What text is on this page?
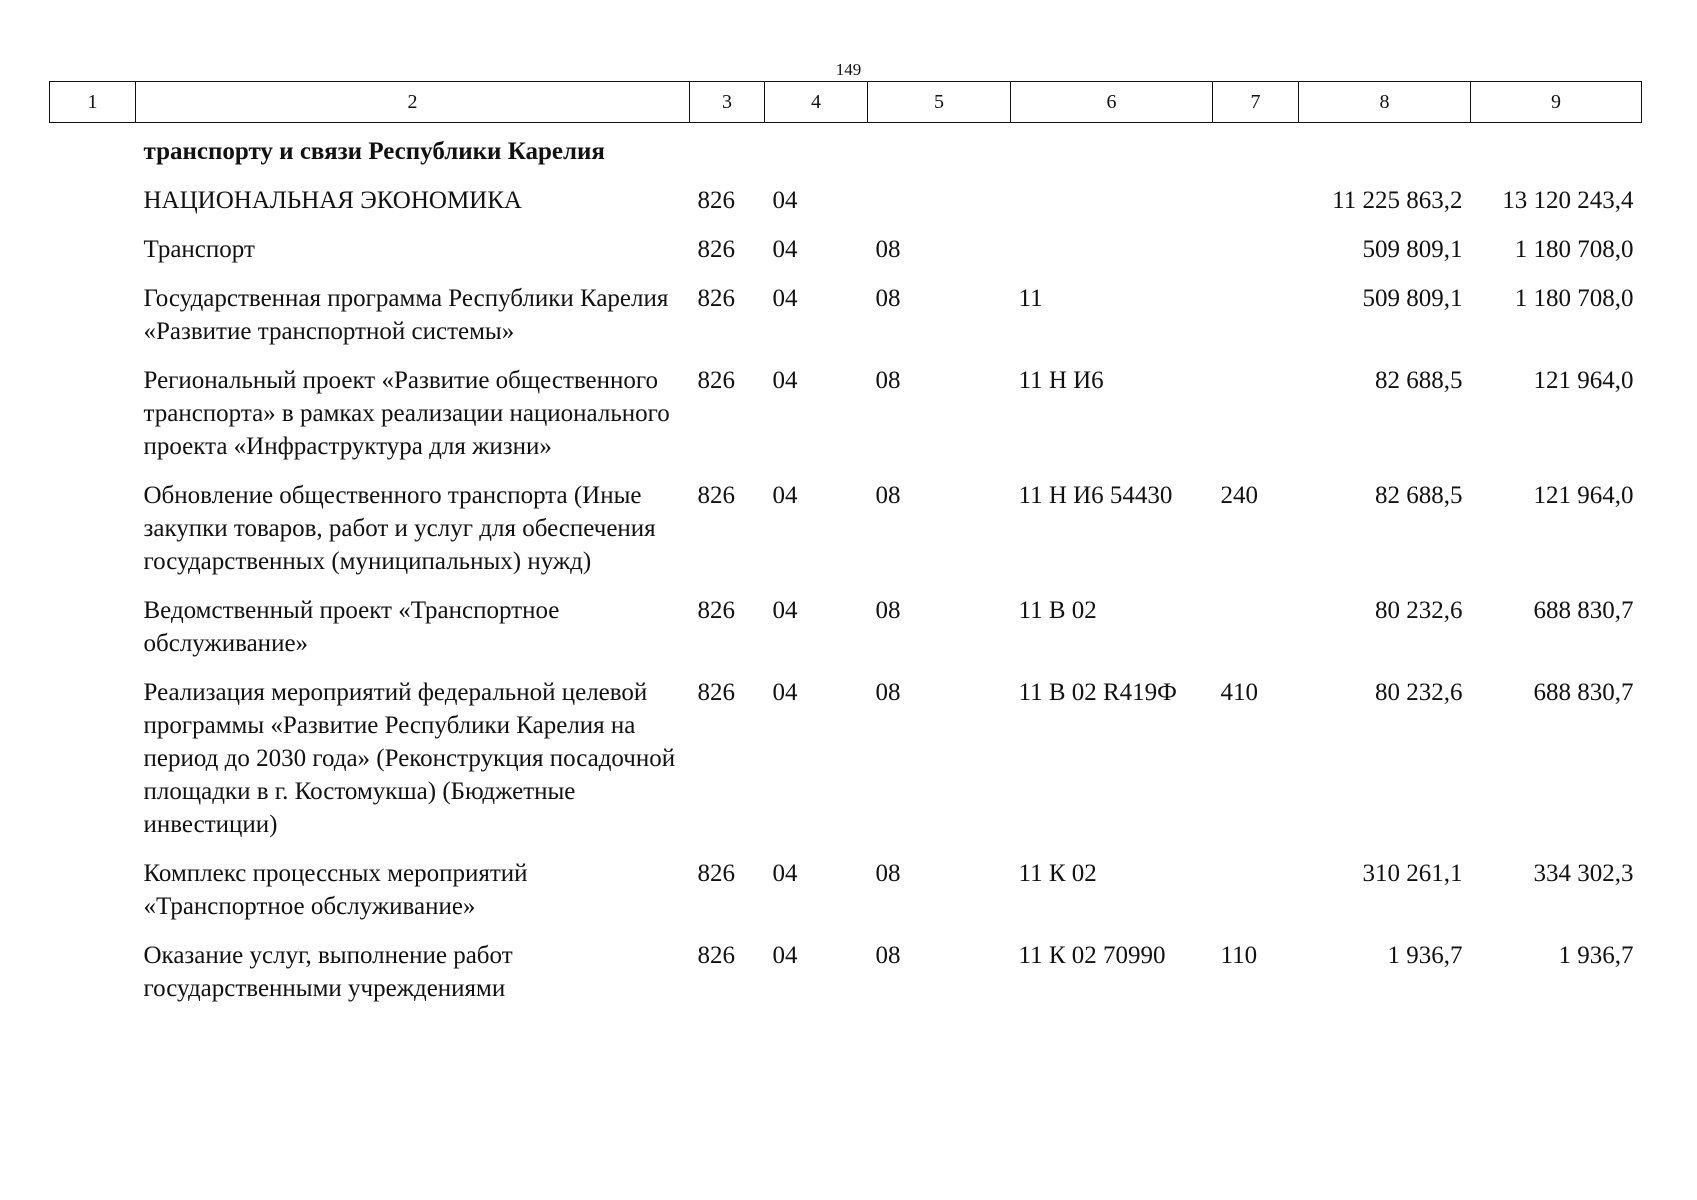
149
1	2	3	4	5	6	7	8	9
	транспорту и связи Республики Карелия							
	НАЦИОНАЛЬНАЯ ЭКОНОМИКА	826	04				11 225 863,2	13 120 243,4
	Транспорт	826	04	08			509 809,1	1 180 708,0
	Государственная программа Республики Карелия «Развитие транспортной системы»	826	04	08	11		509 809,1	1 180 708,0
	Региональный проект «Развитие общественного транспорта» в рамках реализации национального проекта «Инфраструктура для жизни»	826	04	08	11 Н И6		82 688,5	121 964,0
	Обновление общественного транспорта (Иные закупки товаров, работ и услуг для обеспечения государственных (муниципальных) нужд)	826	04	08	11 Н И6 54430	240	82 688,5	121 964,0
	Ведомственный проект «Транспортное обслуживание»	826	04	08	11 В 02		80 232,6	688 830,7
	Реализация мероприятий федеральной целевой программы «Развитие Республики Карелия на период до 2030 года» (Реконструкция посадочной площадки в г. Костомукша) (Бюджетные инвестиции)	826	04	08	11 В 02 R419Ф	410	80 232,6	688 830,7
	Комплекс процессных мероприятий «Транспортное обслуживание»	826	04	08	11 К 02		310 261,1	334 302,3
	Оказание услуг, выполнение работ государственными учреждениями	826	04	08	11 К 02 70990	110	1 936,7	1 936,7
